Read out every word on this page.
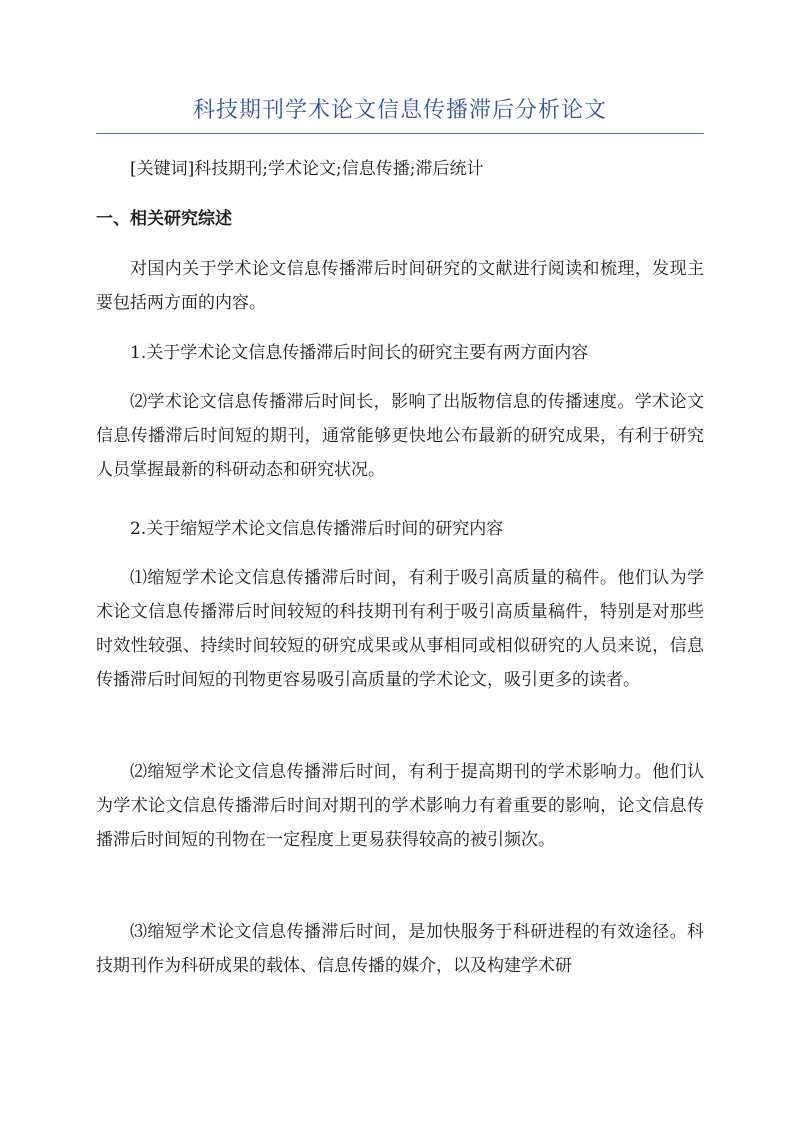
科技期刊学术论文信息传播滞后分析论文

[关键词]科技期刊;学术论文;信息传播;滞后统计

一、相关研究综述

对国内关于学术论文信息传播滞后时间研究的文献进行阅读和梳理，发现主要包括两方面的内容。

1.关于学术论文信息传播滞后时间长的研究主要有两方面内容

⑵学术论文信息传播滞后时间长，影响了出版物信息的传播速度。学术论文信息传播滞后时间短的期刊，通常能够更快地公布最新的研究成果，有利于研究人员掌握最新的科研动态和研究状况。

2.关于缩短学术论文信息传播滞后时间的研究内容

⑴缩短学术论文信息传播滞后时间，有利于吸引高质量的稿件。他们认为学术论文信息传播滞后时间较短的科技期刊有利于吸引高质量稿件，特别是对那些时效性较强、持续时间较短的研究成果或从事相同或相似研究的人员来说，信息传播滞后时间短的刊物更容易吸引高质量的学术论文，吸引更多的读者。

⑵缩短学术论文信息传播滞后时间，有利于提高期刊的学术影响力。他们认为学术论文信息传播滞后时间对期刊的学术影响力有着重要的影响，论文信息传播滞后时间短的刊物在一定程度上更易获得较高的被引频次。

⑶缩短学术论文信息传播滞后时间，是加快服务于科研进程的有效途径。科技期刊作为科研成果的载体、信息传播的媒介，以及构建学术研
